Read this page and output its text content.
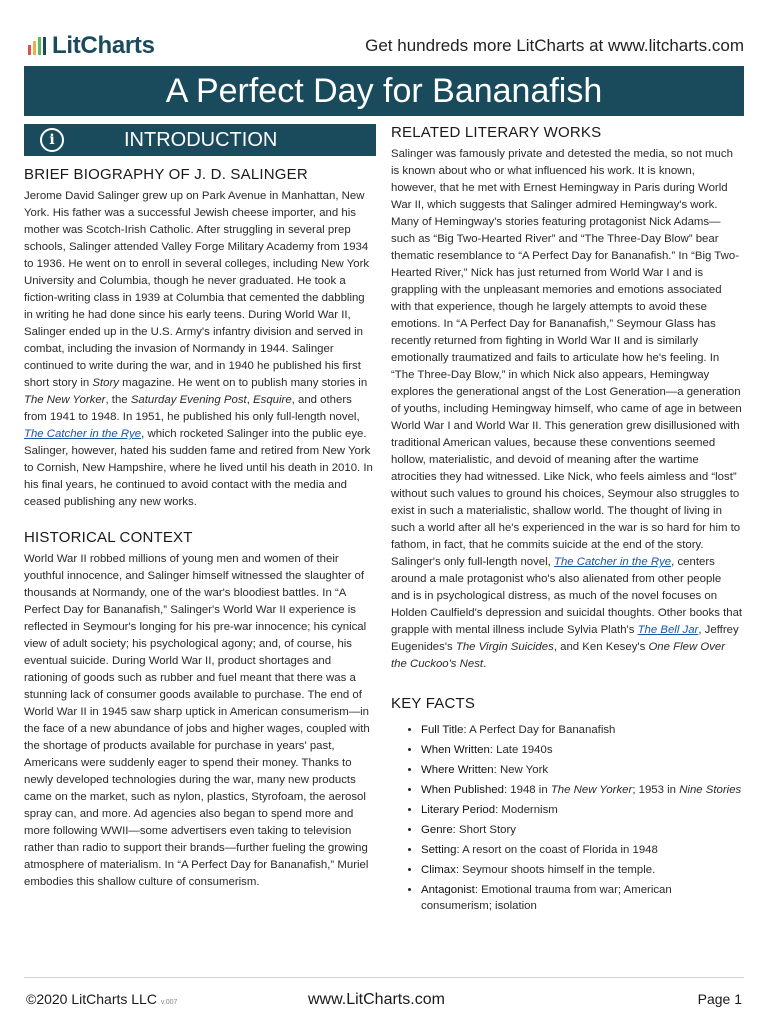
LitCharts	Get hundreds more LitCharts at www.litcharts.com
A Perfect Day for Bananafish
i	INTRODUCTION
BRIEF BIOGRAPHY OF J. D. SALINGER

Jerome David Salinger grew up on Park Avenue in Manhattan, New York. His father was a successful Jewish cheese importer, and his mother was Scotch-Irish Catholic. After struggling in several prep schools, Salinger attended Valley Forge Military Academy from 1934 to 1936. He went on to enroll in several colleges, including New York University and Columbia, though he never graduated. He took a fiction-writing class in 1939 at Columbia that cemented the dabbling in writing he had done since his early teens. During World War II, Salinger ended up in the U.S. Army's infantry division and served in combat, including the invasion of Normandy in 1944. Salinger continued to write during the war, and in 1940 he published his first short story in Story magazine. He went on to publish many stories in The New Yorker, the Saturday Evening Post, Esquire, and others from 1941 to 1948. In 1951, he published his only full-length novel, The Catcher in the Rye, which rocketed Salinger into the public eye. Salinger, however, hated his sudden fame and retired from New York to Cornish, New Hampshire, where he lived until his death in 2010. In his final years, he continued to avoid contact with the media and ceased publishing any new works.

HISTORICAL CONTEXT

World War II robbed millions of young men and women of their youthful innocence, and Salinger himself witnessed the slaughter of thousands at Normandy, one of the war's bloodiest battles. In “A Perfect Day for Bananafish,” Salinger's World War II experience is reflected in Seymour's longing for his pre-war innocence; his cynical view of adult society; his psychological agony; and, of course, his eventual suicide. During World War II, product shortages and rationing of goods such as rubber and fuel meant that there was a stunning lack of consumer goods available to purchase. The end of World War II in 1945 saw sharp uptick in American consumerism—in the face of a new abundance of jobs and higher wages, coupled with the shortage of products available for purchase in years' past, Americans were suddenly eager to spend their money. Thanks to newly developed technologies during the war, many new products came on the market, such as nylon, plastics, Styrofoam, the aerosol spray can, and more. Ad agencies also began to spend more and more following WWII—some advertisers even taking to television rather than radio to support their brands—further fueling the growing atmosphere of materialism. In “A Perfect Day for Bananafish,” Muriel embodies this shallow culture of consumerism.

RELATED LITERARY WORKS

Salinger was famously private and detested the media, so not much is known about who or what influenced his work. It is known, however, that he met with Ernest Hemingway in Paris during World War II, which suggests that Salinger admired Hemingway's work. Many of Hemingway's stories featuring protagonist Nick Adams—such as “Big Two-Hearted River” and “The Three-Day Blow” bear thematic resemblance to “A Perfect Day for Bananafish.” In “Big Two-Hearted River,” Nick has just returned from World War I and is grappling with the unpleasant memories and emotions associated with that experience, though he largely attempts to avoid these emotions. In “A Perfect Day for Bananafish,” Seymour Glass has recently returned from fighting in World War II and is similarly emotionally traumatized and fails to articulate how he's feeling. In “The Three-Day Blow,” in which Nick also appears, Hemingway explores the generational angst of the Lost Generation—a generation of youths, including Hemingway himself, who came of age in between World War I and World War II. This generation grew disillusioned with traditional American values, because these conventions seemed hollow, materialistic, and devoid of meaning after the wartime atrocities they had witnessed. Like Nick, who feels aimless and “lost” without such values to ground his choices, Seymour also struggles to exist in such a materialistic, shallow world. The thought of living in such a world after all he's experienced in the war is so hard for him to fathom, in fact, that he commits suicide at the end of the story. Salinger's only full-length novel, The Catcher in the Rye, centers around a male protagonist who's also alienated from other people and is in psychological distress, as much of the novel focuses on Holden Caulfield's depression and suicidal thoughts. Other books that grapple with mental illness include Sylvia Plath's The Bell Jar, Jeffrey Eugenides's The Virgin Suicides, and Ken Kesey's One Flew Over the Cuckoo's Nest.

KEY FACTS
• Full Title: A Perfect Day for Bananafish
• When Written: Late 1940s
• Where Written: New York
• When Published: 1948 in The New Yorker; 1953 in Nine Stories
• Literary Period: Modernism
• Genre: Short Story
• Setting: A resort on the coast of Florida in 1948
• Climax: Seymour shoots himself in the temple.
• Antagonist: Emotional trauma from war; American consumerism; isolation
©2020 LitCharts LLC v.007	www.LitCharts.com	Page 1
